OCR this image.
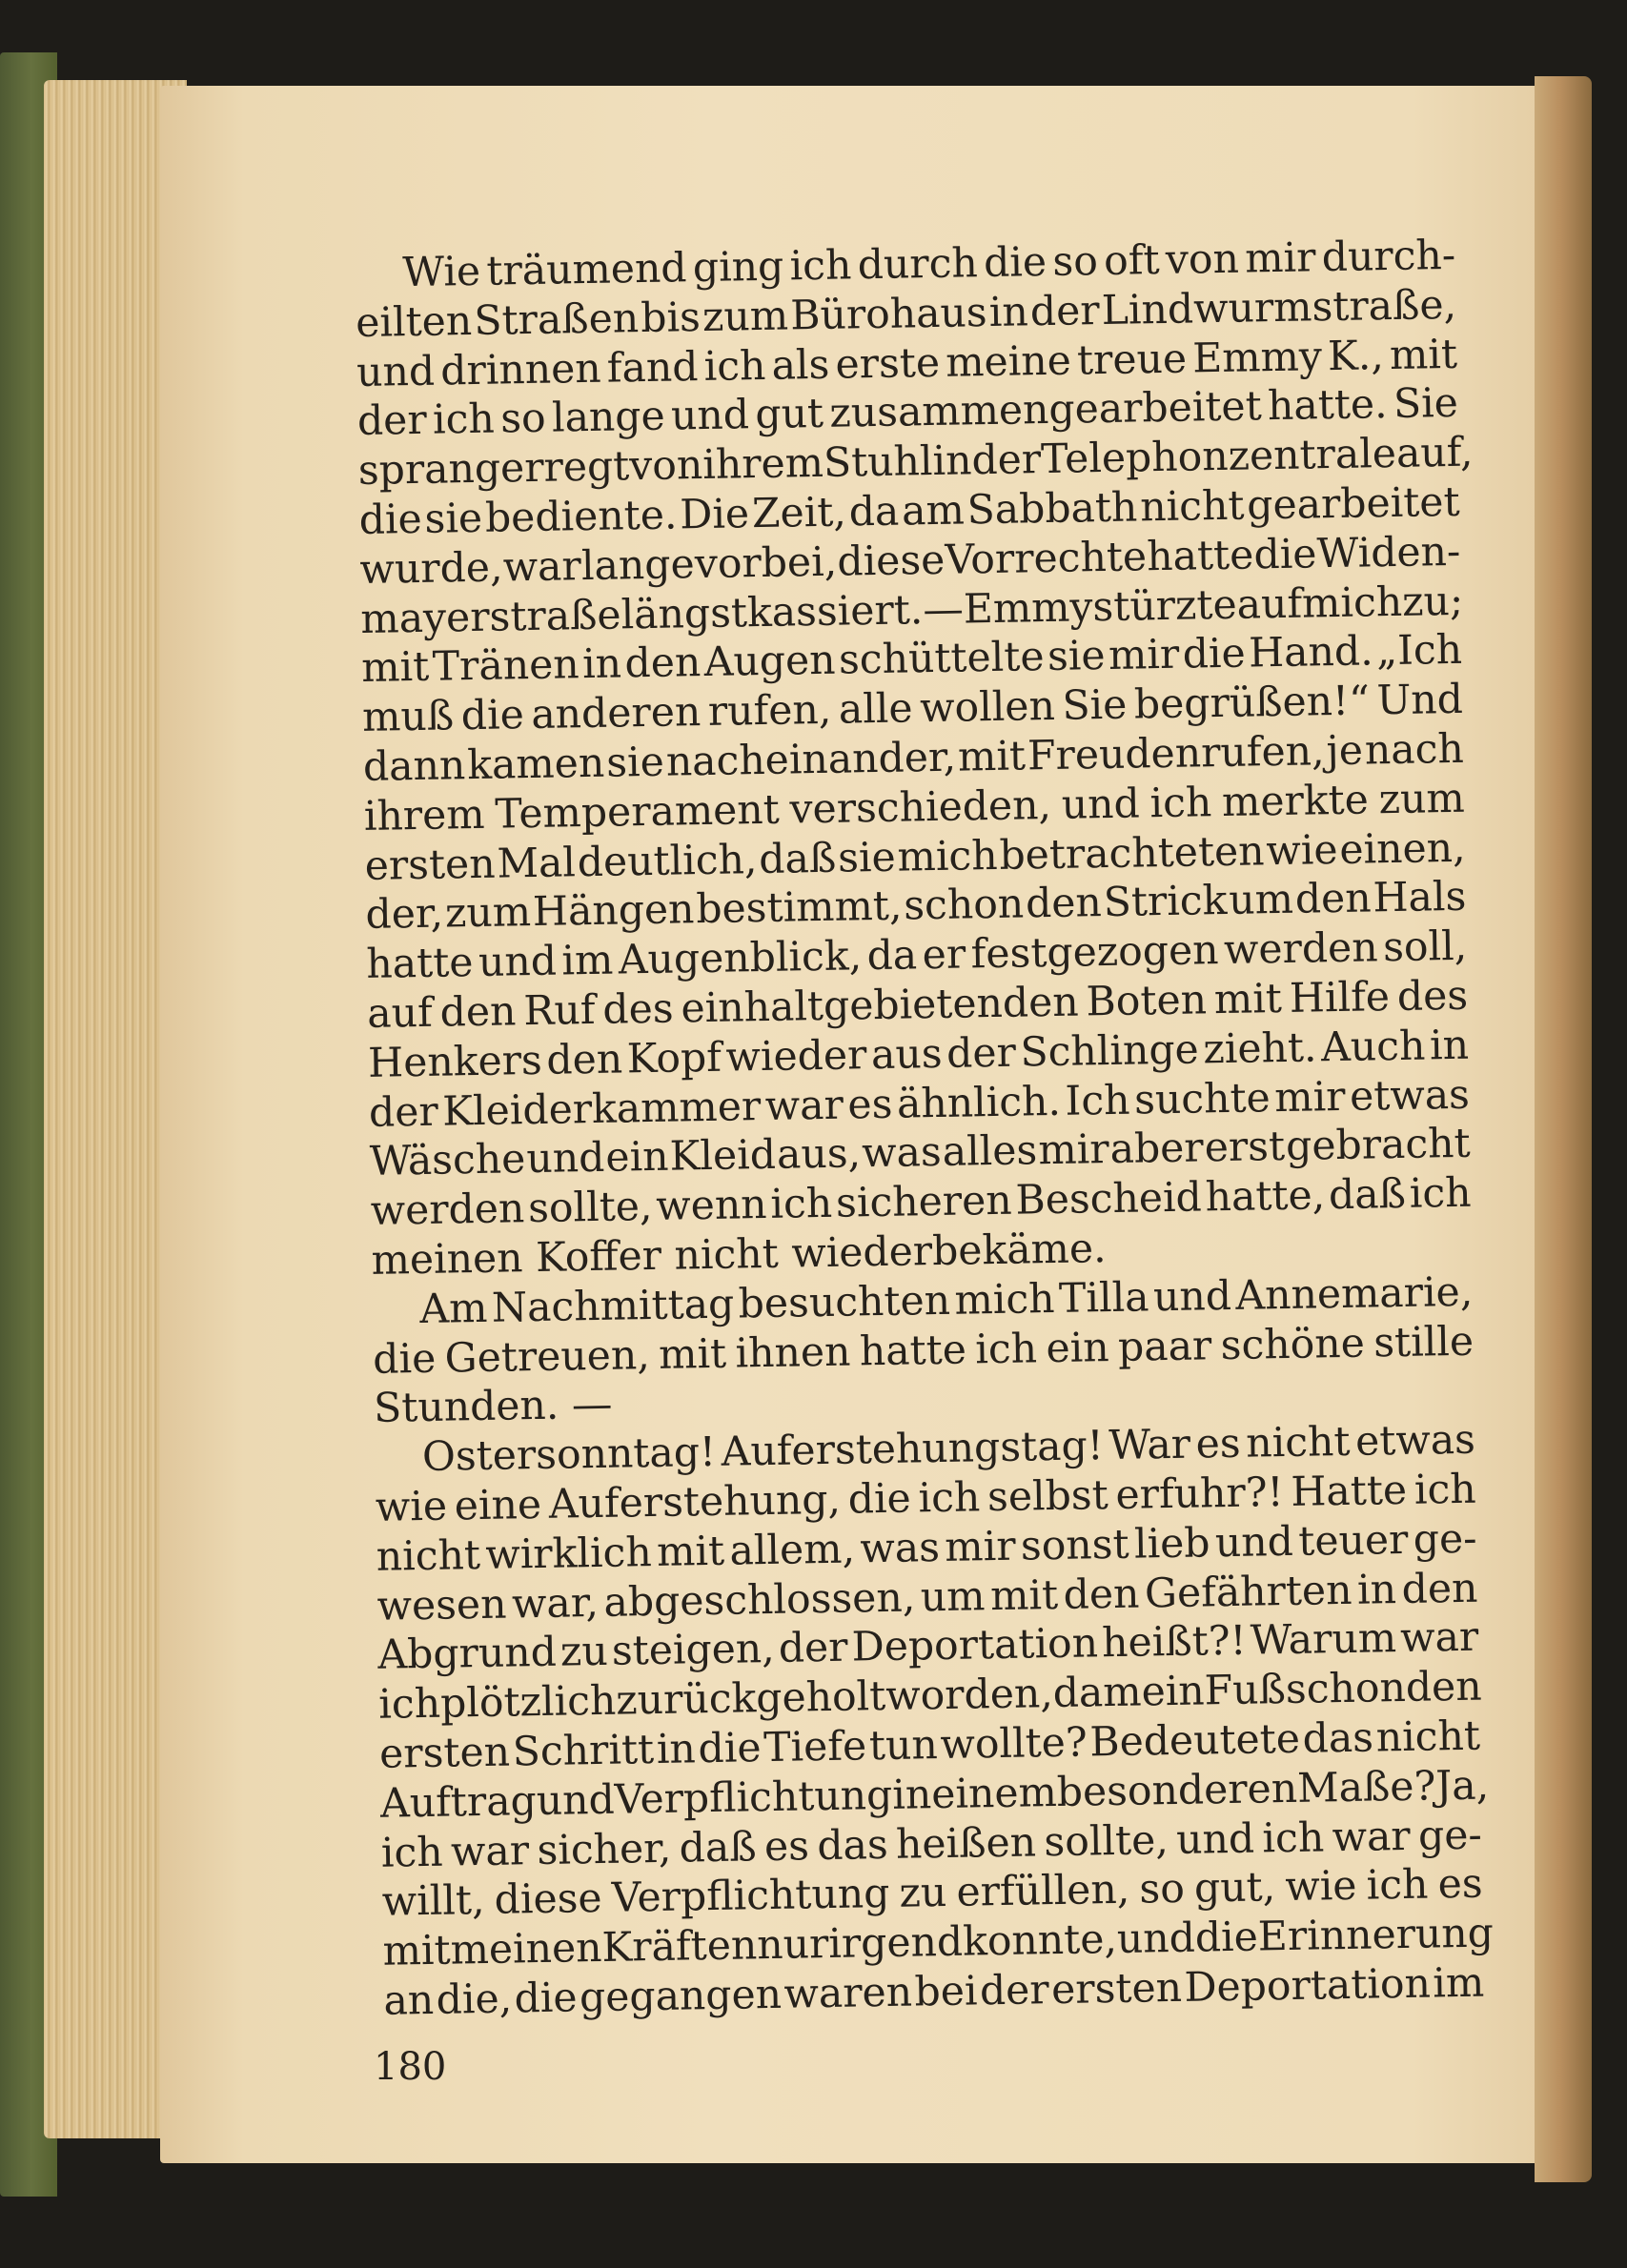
Wie träumend ging ich durch die so oft von mir durch-
eilten Straßen bis zum Bürohaus in der Lindwurmstraße,
und drinnen fand ich als erste meine treue Emmy K., mit
der ich so lange und gut zusammengearbeitet hatte. Sie
sprang erregt von ihrem Stuhl in der Telephonzentrale auf,
die sie bediente. Die Zeit, da am Sabbath nicht gearbeitet
wurde, war lange vorbei, diese Vorrechte hatte die Widen-
mayerstraße längst kassiert. — Emmy stürzte auf mich zu;
mit Tränen in den Augen schüttelte sie mir die Hand. „Ich
muß die anderen rufen, alle wollen Sie begrüßen!“ Und
dann kamen sie nacheinander, mit Freudenrufen, je nach
ihrem Temperament verschieden, und ich merkte zum
ersten Mal deutlich, daß sie mich betrachteten wie einen,
der, zum Hängen bestimmt, schon den Strick um den Hals
hatte und im Augenblick, da er festgezogen werden soll,
auf den Ruf des einhaltgebietenden Boten mit Hilfe des
Henkers den Kopf wieder aus der Schlinge zieht. Auch in
der Kleiderkammer war es ähnlich. Ich suchte mir etwas
Wäsche und ein Kleid aus, was alles mir aber erst gebracht
werden sollte, wenn ich sicheren Bescheid hatte, daß ich
meinen Koffer nicht wiederbekäme.
Am Nachmittag besuchten mich Tilla und Annemarie,
die Getreuen, mit ihnen hatte ich ein paar schöne stille
Stunden. —
Ostersonntag! Auferstehungstag! War es nicht etwas
wie eine Auferstehung, die ich selbst erfuhr?! Hatte ich
nicht wirklich mit allem, was mir sonst lieb und teuer ge-
wesen war, abgeschlossen, um mit den Gefährten in den
Abgrund zu steigen, der Deportation heißt?! Warum war
ich plötzlich zurückgeholt worden, da mein Fuß schon den
ersten Schritt in die Tiefe tun wollte? Bedeutete das nicht
Auftrag und Verpflichtung in einem besonderen Maße? Ja,
ich war sicher, daß es das heißen sollte, und ich war ge-
willt, diese Verpflichtung zu erfüllen, so gut, wie ich es
mit meinen Kräften nur irgend konnte, und die Erinnerung
an die, die gegangen waren bei der ersten Deportation im
180
